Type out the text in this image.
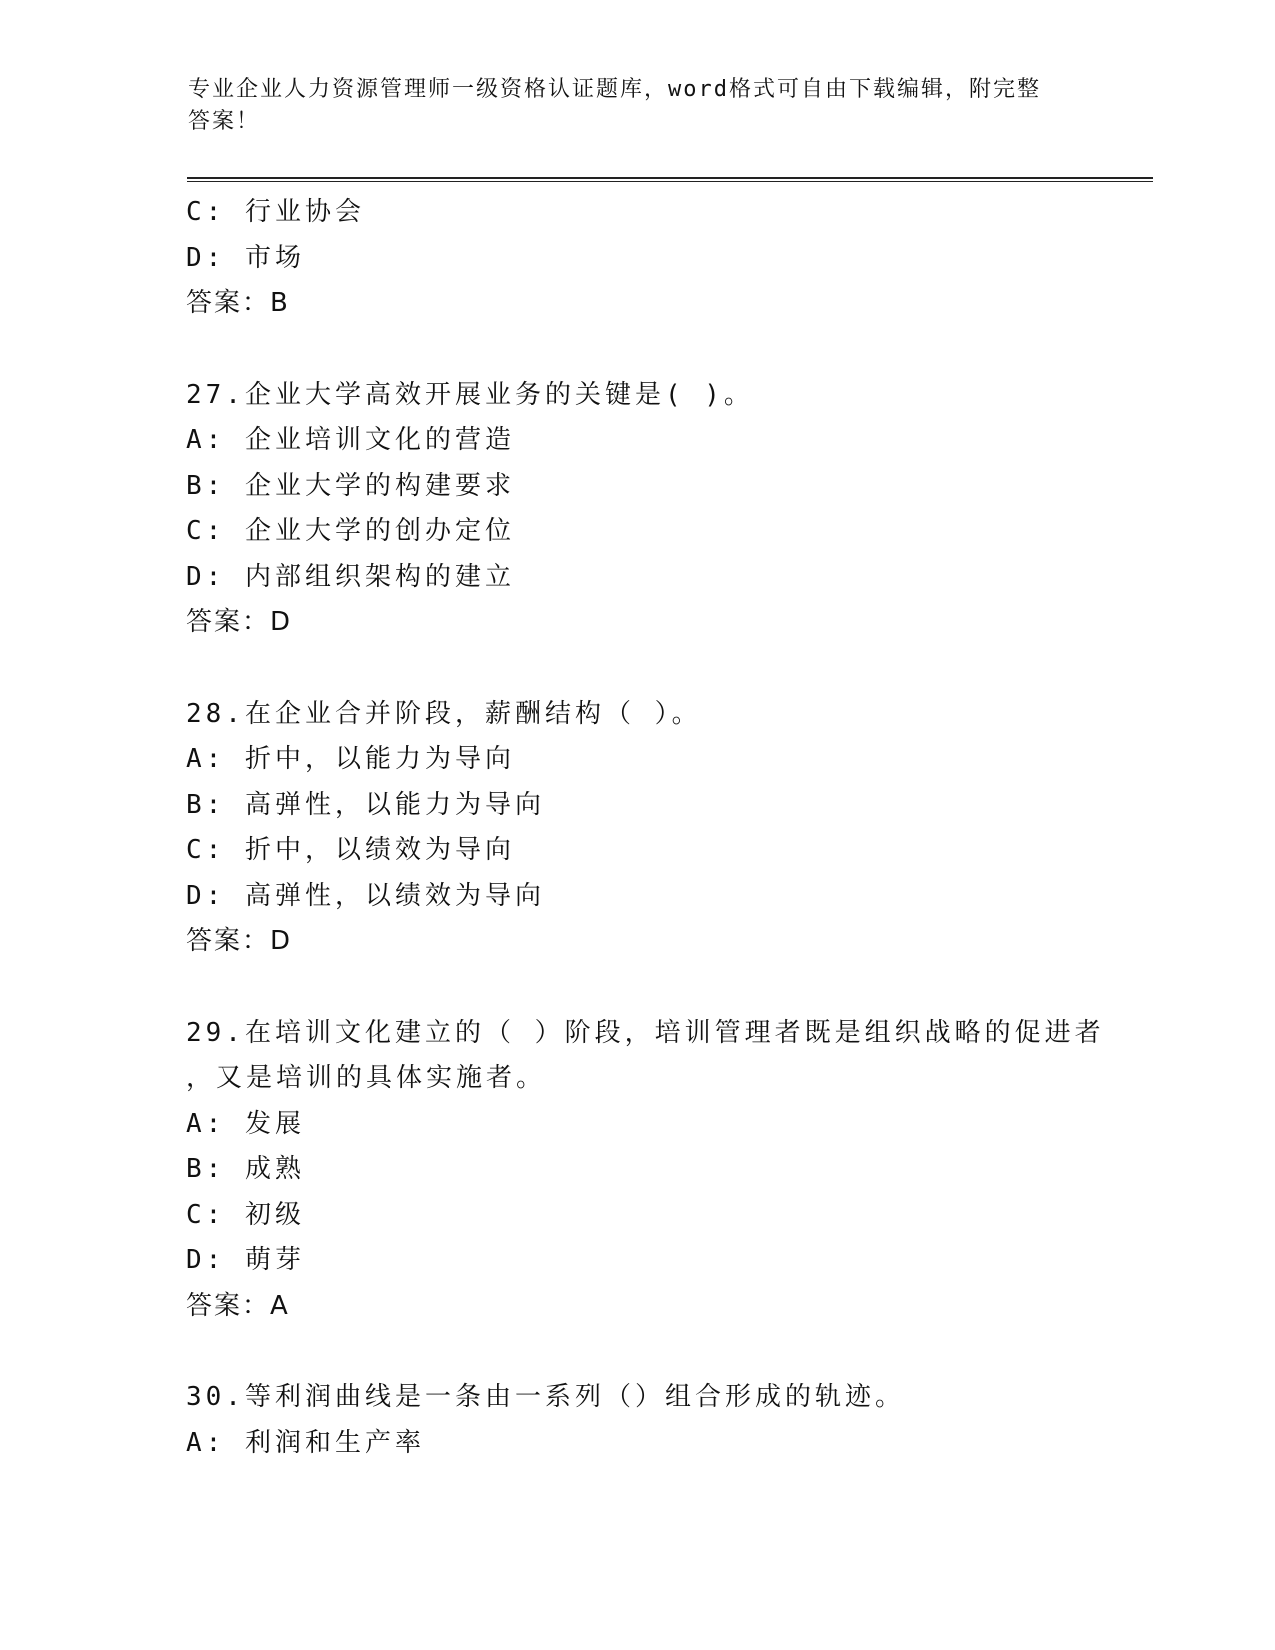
专业企业人力资源管理师一级资格认证题库，word格式可自由下载编辑，附完整
答案！
C: 行业协会
D: 市场
答案：B
27.企业大学高效开展业务的关键是( )。
A: 企业培训文化的营造
B: 企业大学的构建要求
C: 企业大学的创办定位
D: 内部组织架构的建立
答案：D
28.在企业合并阶段，薪酬结构（ ）。
A: 折中，以能力为导向
B: 高弹性，以能力为导向
C: 折中，以绩效为导向
D: 高弹性，以绩效为导向
答案：D
29.在培训文化建立的（ ）阶段，培训管理者既是组织战略的促进者
，又是培训的具体实施者。
A: 发展
B: 成熟
C: 初级
D: 萌芽
答案：A
30.等利润曲线是一条由一系列（）组合形成的轨迹。
A: 利润和生产率
